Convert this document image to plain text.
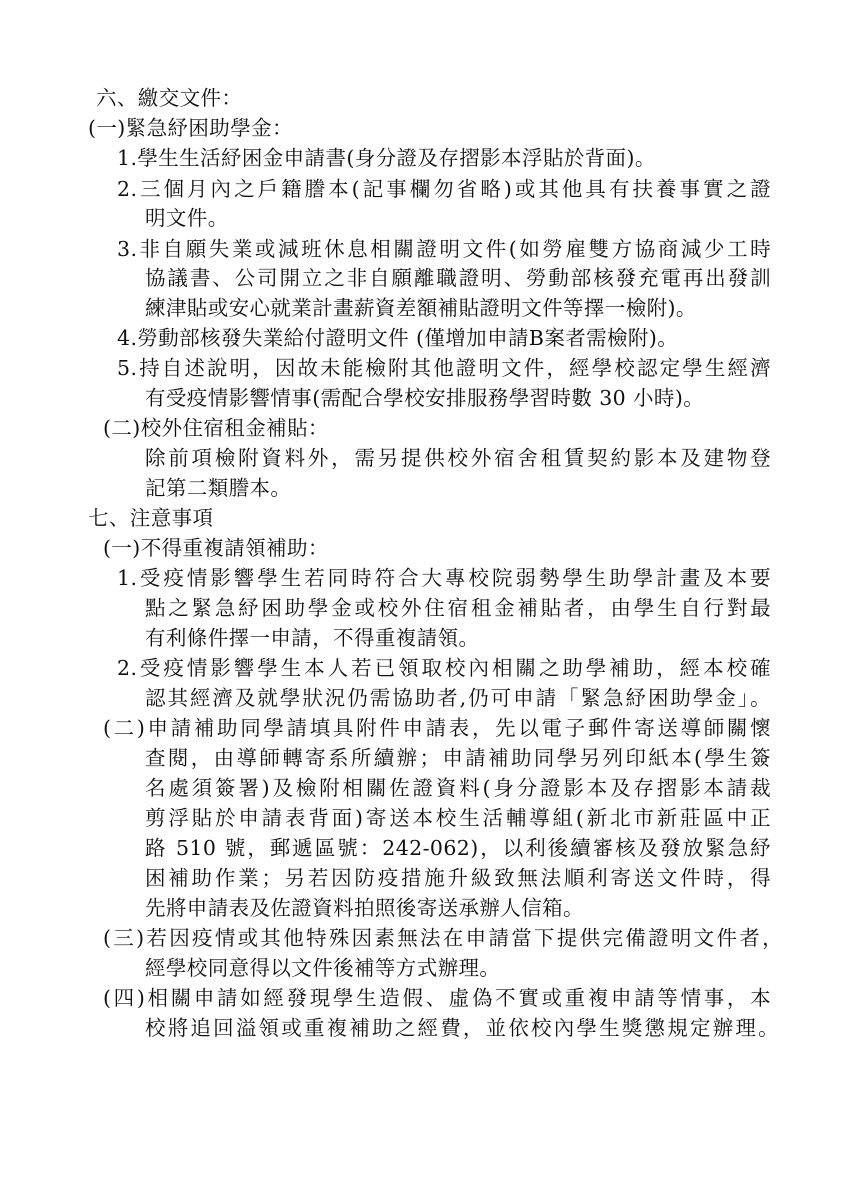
六、繳交文件：
(一)緊急紓困助學金：
1.學生生活紓困金申請書(身分證及存摺影本浮貼於背面)。
2.三個月內之戶籍謄本(記事欄勿省略)或其他具有扶養事實之證
明文件。
3.非自願失業或減班休息相關證明文件(如勞雇雙方協商減少工時
協議書、公司開立之非自願離職證明、勞動部核發充電再出發訓
練津貼或安心就業計畫薪資差額補貼證明文件等擇一檢附)。
4.勞動部核發失業給付證明文件 (僅增加申請B案者需檢附)。
5.持自述說明，因故未能檢附其他證明文件，經學校認定學生經濟
有受疫情影響情事(需配合學校安排服務學習時數 30 小時)。
(二)校外住宿租金補貼：
除前項檢附資料外，需另提供校外宿舍租賃契約影本及建物登
記第二類謄本。
七、注意事項
(一)不得重複請領補助：
1.受疫情影響學生若同時符合大專校院弱勢學生助學計畫及本要
點之緊急紓困助學金或校外住宿租金補貼者，由學生自行對最
有利條件擇一申請，不得重複請領。
2.受疫情影響學生本人若已領取校內相關之助學補助，經本校確
認其經濟及就學狀況仍需協助者,仍可申請「緊急紓困助學金」。
(二)申請補助同學請填具附件申請表，先以電子郵件寄送導師關懷
查閱，由導師轉寄系所續辦；申請補助同學另列印紙本(學生簽
名處須簽署)及檢附相關佐證資料(身分證影本及存摺影本請裁
剪浮貼於申請表背面)寄送本校生活輔導組(新北市新莊區中正
路 510 號，郵遞區號：242-062)，以利後續審核及發放緊急紓
困補助作業；另若因防疫措施升級致無法順利寄送文件時，得
先將申請表及佐證資料拍照後寄送承辦人信箱。
(三)若因疫情或其他特殊因素無法在申請當下提供完備證明文件者，
經學校同意得以文件後補等方式辦理。
(四)相關申請如經發現學生造假、虛偽不實或重複申請等情事，本
校將追回溢領或重複補助之經費，並依校內學生獎懲規定辦理。
